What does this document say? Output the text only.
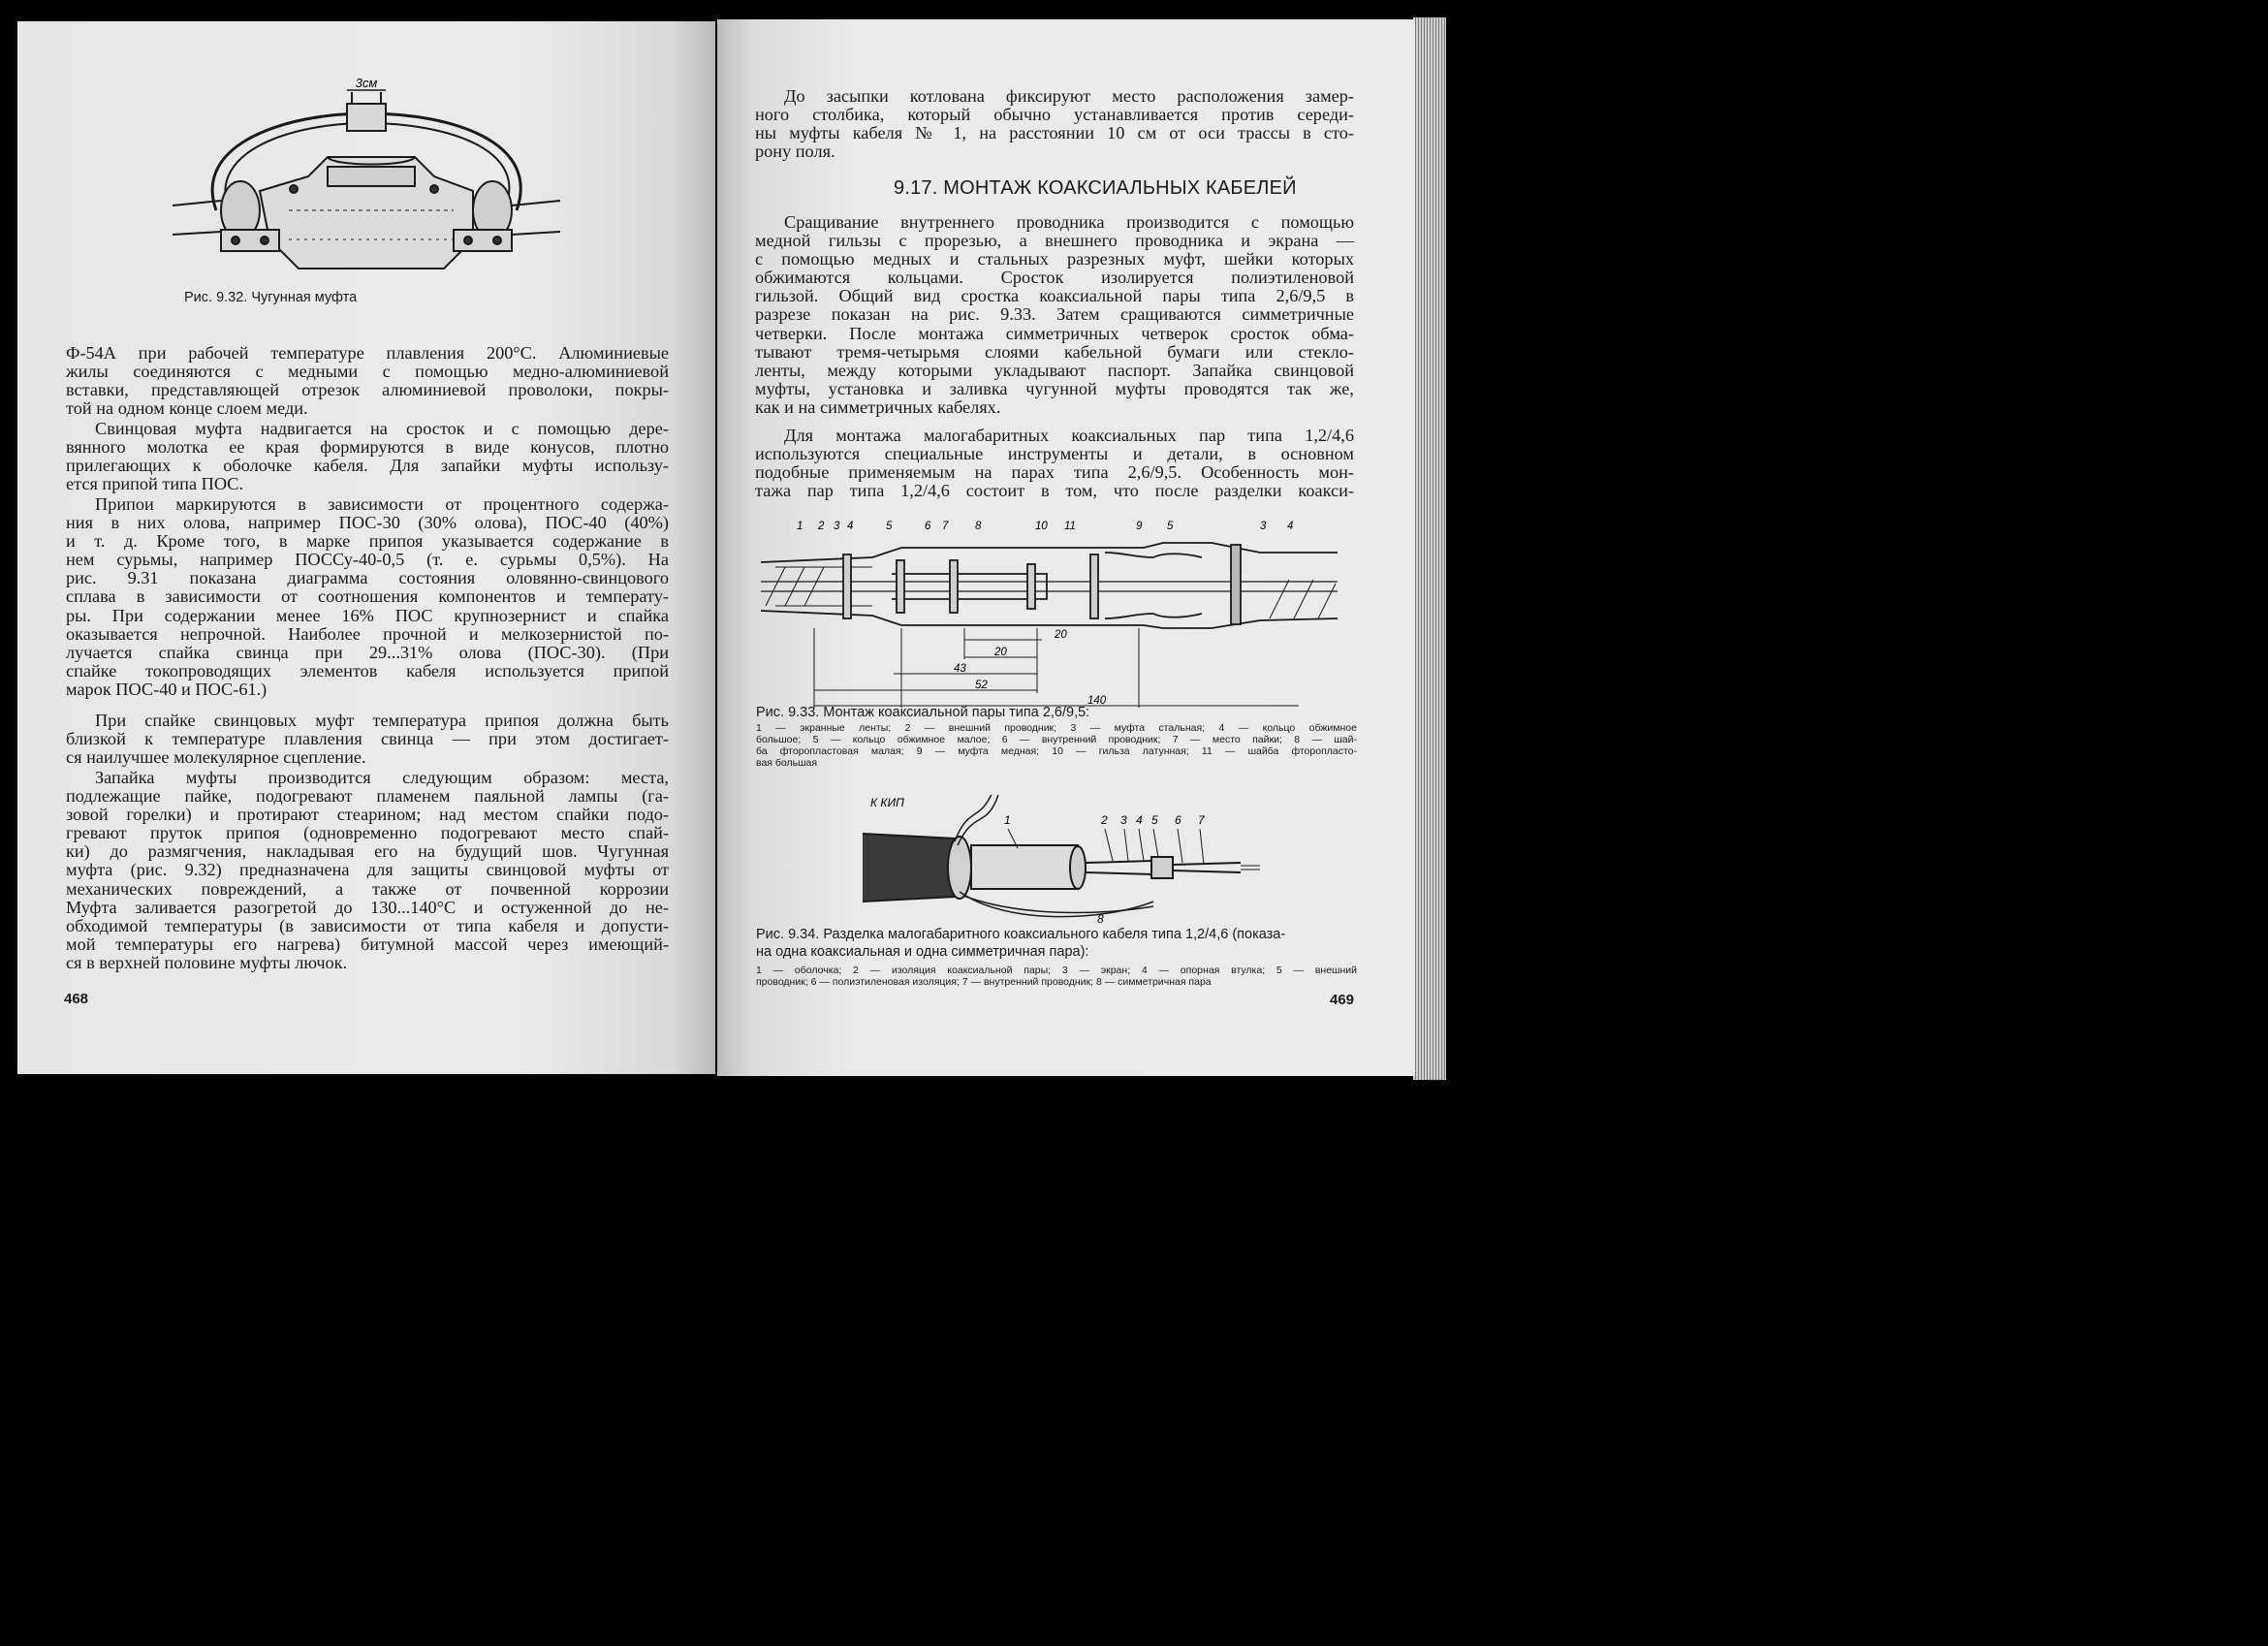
3см
Рис. 9.32. Чугунная муфта
Ф-54А при рабочей температуре плавления 200°С. Алюминиевые
жилы соединяются с медными с помощью медно-алюминиевой
вставки, представляющей отрезок алюминиевой проволоки, покры-
той на одном конце слоем меди.
Свинцовая муфта надвигается на сросток и с помощью дере-
вянного молотка ее края формируются в виде конусов, плотно
прилегающих к оболочке кабеля. Для запайки муфты использу-
ется припой типа ПОС.
Припои маркируются в зависимости от процентного содержа-
ния в них олова, например ПОС-30 (30% олова), ПОС-40 (40%)
и т. д. Кроме того, в марке припоя указывается содержание в
нем сурьмы, например ПОССу-40-0,5 (т. е. сурьмы 0,5%). На
рис. 9.31 показана диаграмма состояния оловянно-свинцового
сплава в зависимости от соотношения компонентов и температу-
ры. При содержании менее 16% ПОС крупнозернист и спайка
оказывается непрочной. Наиболее прочной и мелкозернистой по-
лучается спайка свинца при 29...31% олова (ПОС-30). (При
спайке токопроводящих элементов кабеля используется припой
марок ПОС-40 и ПОС-61.)
При спайке свинцовых муфт температура припоя должна быть
близкой к температуре плавления свинца — при этом достигает-
ся наилучшее молекулярное сцепление.
Запайка муфты производится следующим образом: места,
подлежащие пайке, подогревают пламенем паяльной лампы (га-
зовой горелки) и протирают стеарином; над местом спайки подо-
гревают пруток припоя (одновременно подогревают место спай-
ки) до размягчения, накладывая его на будущий шов. Чугунная
муфта (рис. 9.32) предназначена для защиты свинцовой муфты от
механических повреждений, а также от почвенной коррозии
Муфта заливается разогретой до 130...140°С и остуженной до не-
обходимой температуры (в зависимости от типа кабеля и допусти-
мой температуры его нагрева) битумной массой через имеющий-
ся в верхней половине муфты лючок.
468
До засыпки котлована фиксируют место расположения замер-
ного столбика, который обычно устанавливается против середи-
ны муфты кабеля № 1, на расстоянии 10 см от оси трассы в сто-
рону поля.
9.17. МОНТАЖ КОАКСИАЛЬНЫХ КАБЕЛЕЙ
Сращивание внутреннего проводника производится с помощью
медной гильзы с прорезью, а внешнего проводника и экрана —
с помощью медных и стальных разрезных муфт, шейки которых
обжимаются кольцами. Сросток изолируется полиэтиленовой
гильзой. Общий вид сростка коаксиальной пары типа 2,6/9,5 в
разрезе показан на рис. 9.33. Затем сращиваются симметричные
четверки. После монтажа симметричных четверок сросток обма-
тывают тремя-четырьмя слоями кабельной бумаги или стекло-
ленты, между которыми укладывают паспорт. Запайка свинцовой
муфты, установка и заливка чугунной муфты проводятся так же,
как и на симметричных кабелях.
Для монтажа малогабаритных коаксиальных пар типа 1,2/4,6
используются специальные инструменты и детали, в основном
подобные применяемым на парах типа 2,6/9,5. Особенность мон-
тажа пар типа 1,2/4,6 состоит в том, что после разделки коакси-
1 2 3 4	5	6 7 8	10 11	9 5	3 4
20
20
43
52
140
Рис. 9.33. Монтаж коаксиальной пары типа 2,6/9,5:
1 — экранные ленты; 2 — внешний проводник; 3 — муфта стальная; 4 — кольцо обжимное
большое; 5 — кольцо обжимное малое; 6 — внутренний проводник; 7 — место пайки; 8 — шай-
ба фторопластовая малая; 9 — муфта медная; 10 — гильза латунная; 11 — шайба фторопласто-
вая большая
К КИП
1	2 3 4 5 6 7
8
Рис. 9.34. Разделка малогабаритного коаксиального кабеля типа 1,2/4,6 (показа-
на одна коаксиальная и одна симметричная пара):
1 — оболочка; 2 — изоляция коаксиальной пары; 3 — экран; 4 — опорная втулка; 5 — внешний
проводник; 6 — полиэтиленовая изоляция; 7 — внутренний проводник; 8 — симметричная пара
469
